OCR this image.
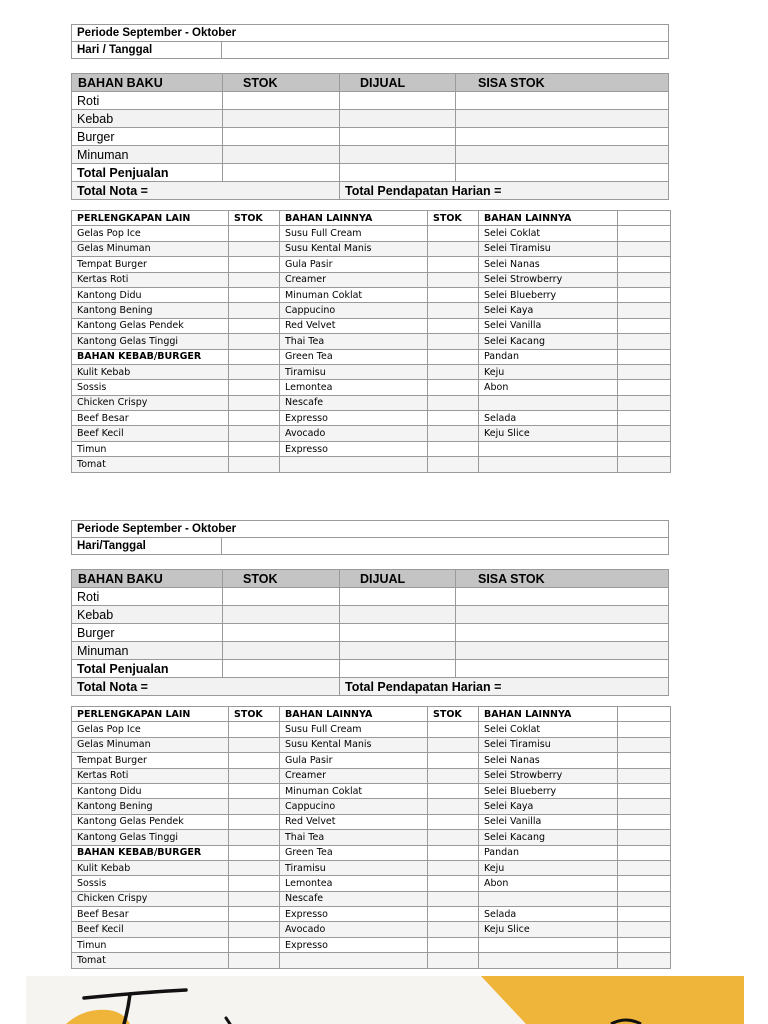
Periode September - Oktober
Hari / Tanggal	
BAHAN BAKU	STOK	DIJUAL	SISA STOK
Roti			
Kebab			
Burger			
Minuman			
Total Penjualan			
Total Nota =		Total Pendapatan Harian =	
PERLENGKAPAN LAIN	STOK	BAHAN LAINNYA	STOK	BAHAN LAINNYA	
Gelas Pop Ice		Susu Full Cream		Selei Coklat	
Gelas Minuman		Susu Kental Manis		Selei Tiramisu	
Tempat Burger		Gula Pasir		Selei Nanas	
Kertas Roti		Creamer		Selei Strowberry	
Kantong Didu		Minuman Coklat		Selei Blueberry	
Kantong Bening		Cappucino		Selei Kaya	
Kantong Gelas Pendek		Red Velvet		Selei Vanilla	
Kantong Gelas Tinggi		Thai Tea		Selei Kacang	
BAHAN KEBAB/BURGER		Green Tea		Pandan	
Kulit Kebab		Tiramisu		Keju	
Sossis		Lemontea		Abon	
Chicken Crispy		Nescafe			
Beef Besar		Expresso		Selada	
Beef Kecil		Avocado		Keju Slice	
Timun		Expresso			
Tomat					
Periode September - Oktober
Hari/Tanggal	
BAHAN BAKU	STOK	DIJUAL	SISA STOK
Roti			
Kebab			
Burger			
Minuman			
Total Penjualan			
Total Nota =		Total Pendapatan Harian =	
PERLENGKAPAN LAIN	STOK	BAHAN LAINNYA	STOK	BAHAN LAINNYA	
Gelas Pop Ice		Susu Full Cream		Selei Coklat	
Gelas Minuman		Susu Kental Manis		Selei Tiramisu	
Tempat Burger		Gula Pasir		Selei Nanas	
Kertas Roti		Creamer		Selei Strowberry	
Kantong Didu		Minuman Coklat		Selei Blueberry	
Kantong Bening		Cappucino		Selei Kaya	
Kantong Gelas Pendek		Red Velvet		Selei Vanilla	
Kantong Gelas Tinggi		Thai Tea		Selei Kacang	
BAHAN KEBAB/BURGER		Green Tea		Pandan	
Kulit Kebab		Tiramisu		Keju	
Sossis		Lemontea		Abon	
Chicken Crispy		Nescafe			
Beef Besar		Expresso		Selada	
Beef Kecil		Avocado		Keju Slice	
Timun		Expresso			
Tomat					
